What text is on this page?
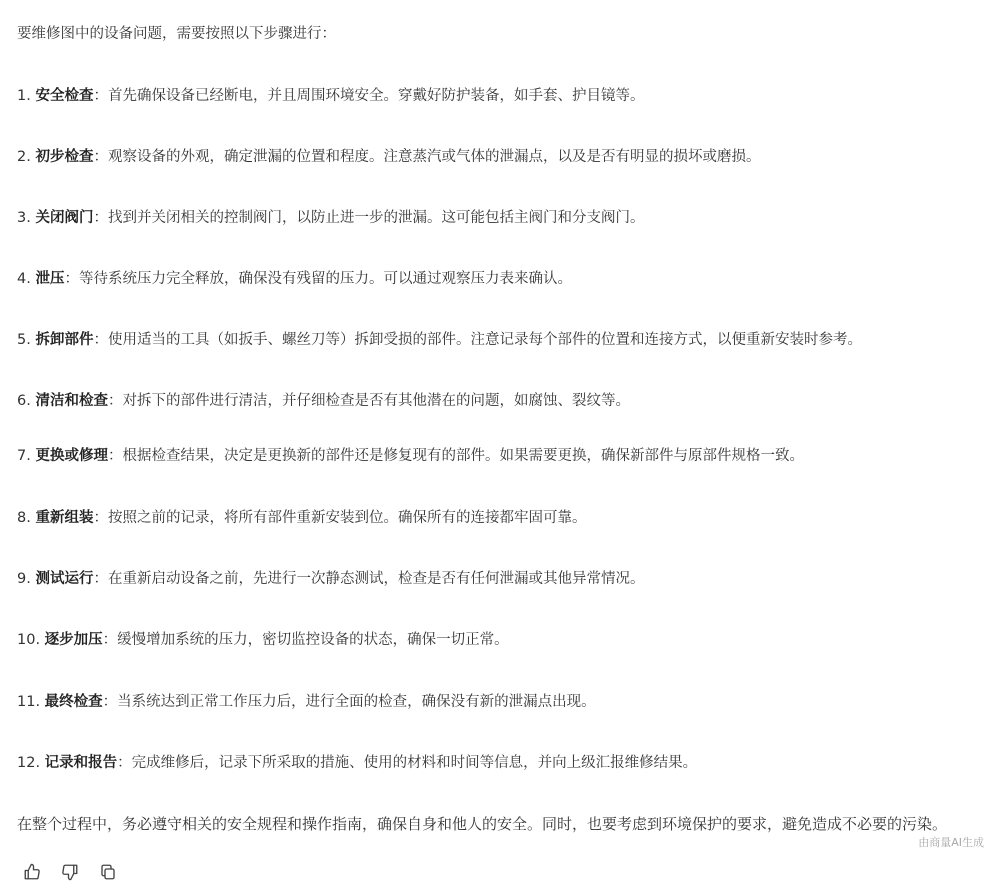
要维修图中的设备问题，需要按照以下步骤进行：
1. 安全检查：首先确保设备已经断电，并且周围环境安全。穿戴好防护装备，如手套、护目镜等。
2. 初步检查：观察设备的外观，确定泄漏的位置和程度。注意蒸汽或气体的泄漏点，以及是否有明显的损坏或磨损。
3. 关闭阀门：找到并关闭相关的控制阀门，以防止进一步的泄漏。这可能包括主阀门和分支阀门。
4. 泄压：等待系统压力完全释放，确保没有残留的压力。可以通过观察压力表来确认。
5. 拆卸部件：使用适当的工具（如扳手、螺丝刀等）拆卸受损的部件。注意记录每个部件的位置和连接方式，以便重新安装时参考。
6. 清洁和检查：对拆下的部件进行清洁，并仔细检查是否有其他潜在的问题，如腐蚀、裂纹等。
7. 更换或修理：根据检查结果，决定是更换新的部件还是修复现有的部件。如果需要更换，确保新部件与原部件规格一致。
8. 重新组装：按照之前的记录，将所有部件重新安装到位。确保所有的连接都牢固可靠。
9. 测试运行：在重新启动设备之前，先进行一次静态测试，检查是否有任何泄漏或其他异常情况。
10. 逐步加压：缓慢增加系统的压力，密切监控设备的状态，确保一切正常。
11. 最终检查：当系统达到正常工作压力后，进行全面的检查，确保没有新的泄漏点出现。
12. 记录和报告：完成维修后，记录下所采取的措施、使用的材料和时间等信息，并向上级汇报维修结果。
在整个过程中，务必遵守相关的安全规程和操作指南，确保自身和他人的安全。同时，也要考虑到环境保护的要求，避免造成不必要的污染。
由商量AI生成
